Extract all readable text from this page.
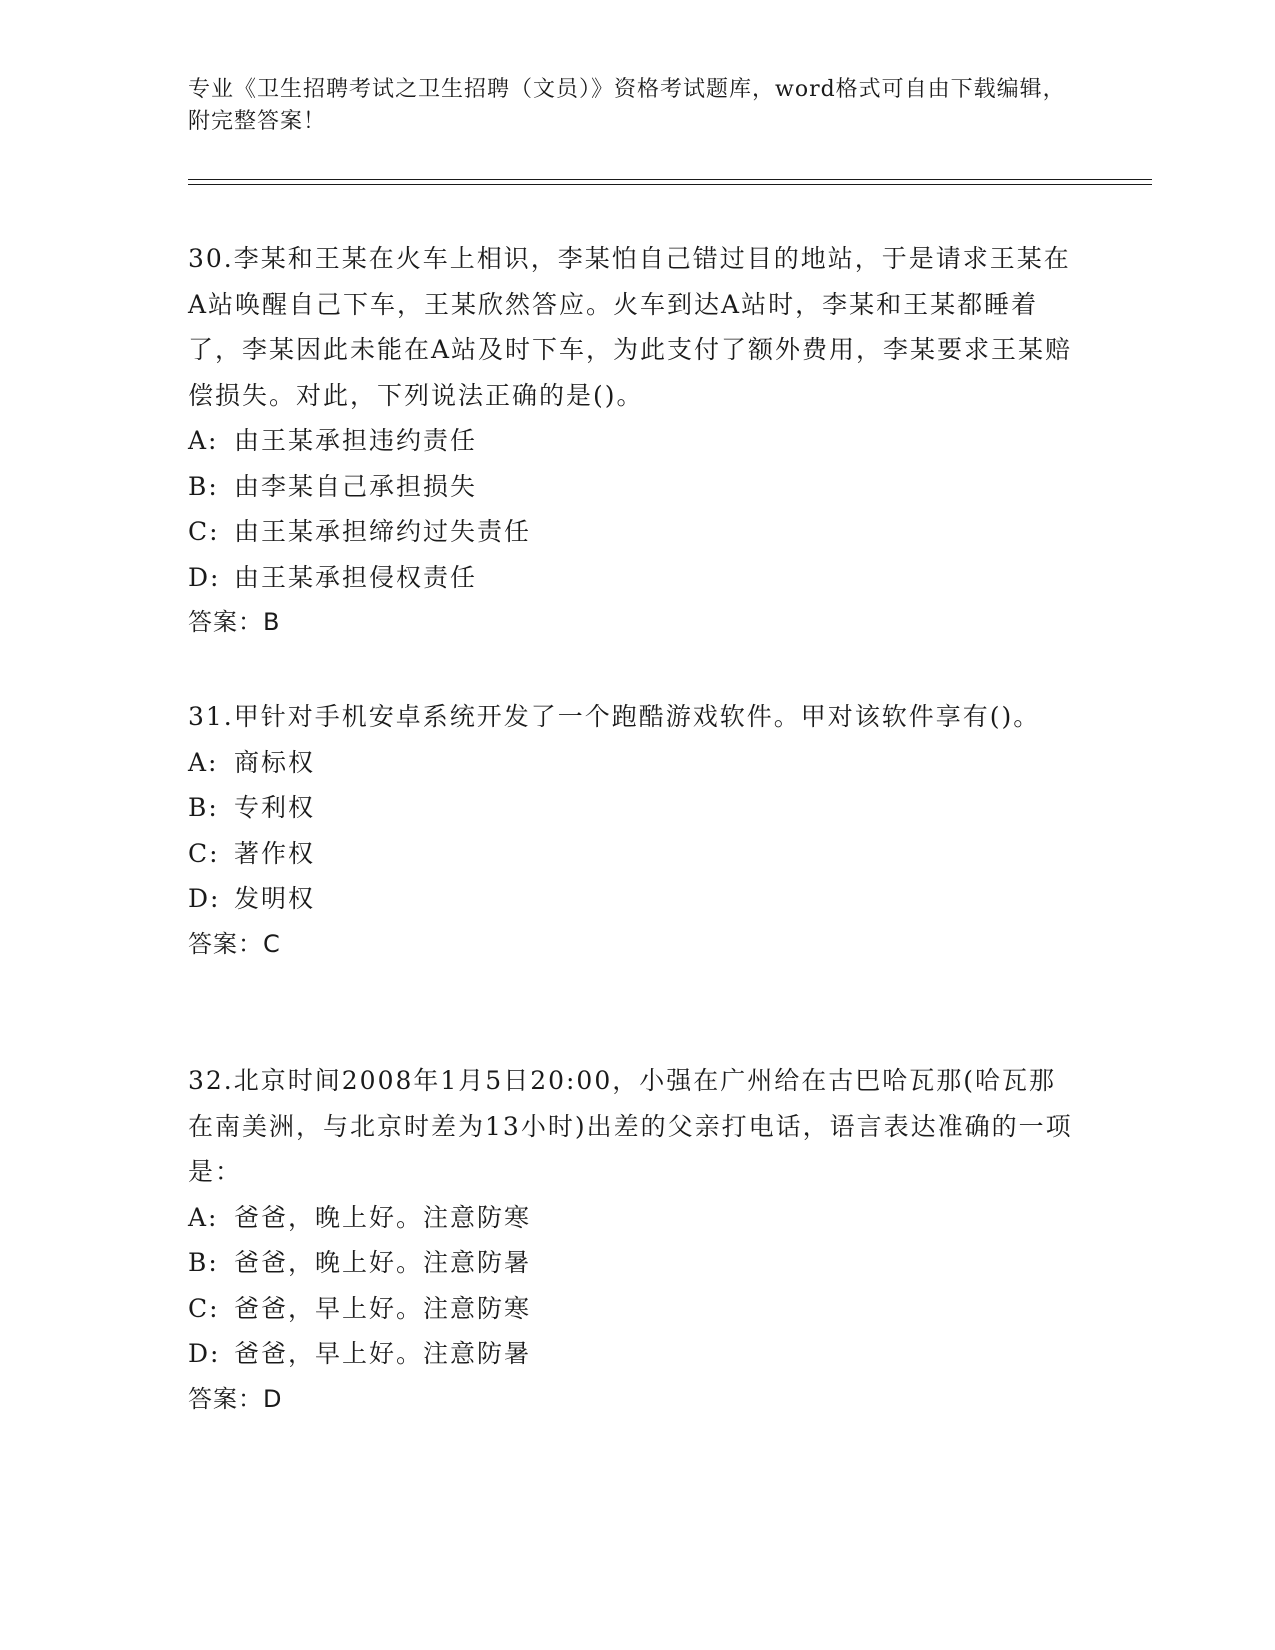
专业《卫生招聘考试之卫生招聘（文员）》资格考试题库，word格式可自由下载编辑，附完整答案！

30.李某和王某在火车上相识，李某怕自己错过目的地站，于是请求王某在A站唤醒自己下车，王某欣然答应。火车到达A站时，李某和王某都睡着了，李某因此未能在A站及时下车，为此支付了额外费用，李某要求王某赔偿损失。对此，下列说法正确的是()。

A: 由王某承担违约责任
B: 由李某自己承担损失
C: 由王某承担缔约过失责任
D: 由王某承担侵权责任
答案：B

31.甲针对手机安卓系统开发了一个跑酷游戏软件。甲对该软件享有()。

A: 商标权
B: 专利权
C: 著作权
D: 发明权
答案：C

32.北京时间2008年1月5日20:00，小强在广州给在古巴哈瓦那(哈瓦那在南美洲，与北京时差为13小时)出差的父亲打电话，语言表达准确的一项是：

A: 爸爸，晚上好。注意防寒
B: 爸爸，晚上好。注意防暑
C: 爸爸，早上好。注意防寒
D: 爸爸，早上好。注意防暑
答案：D
